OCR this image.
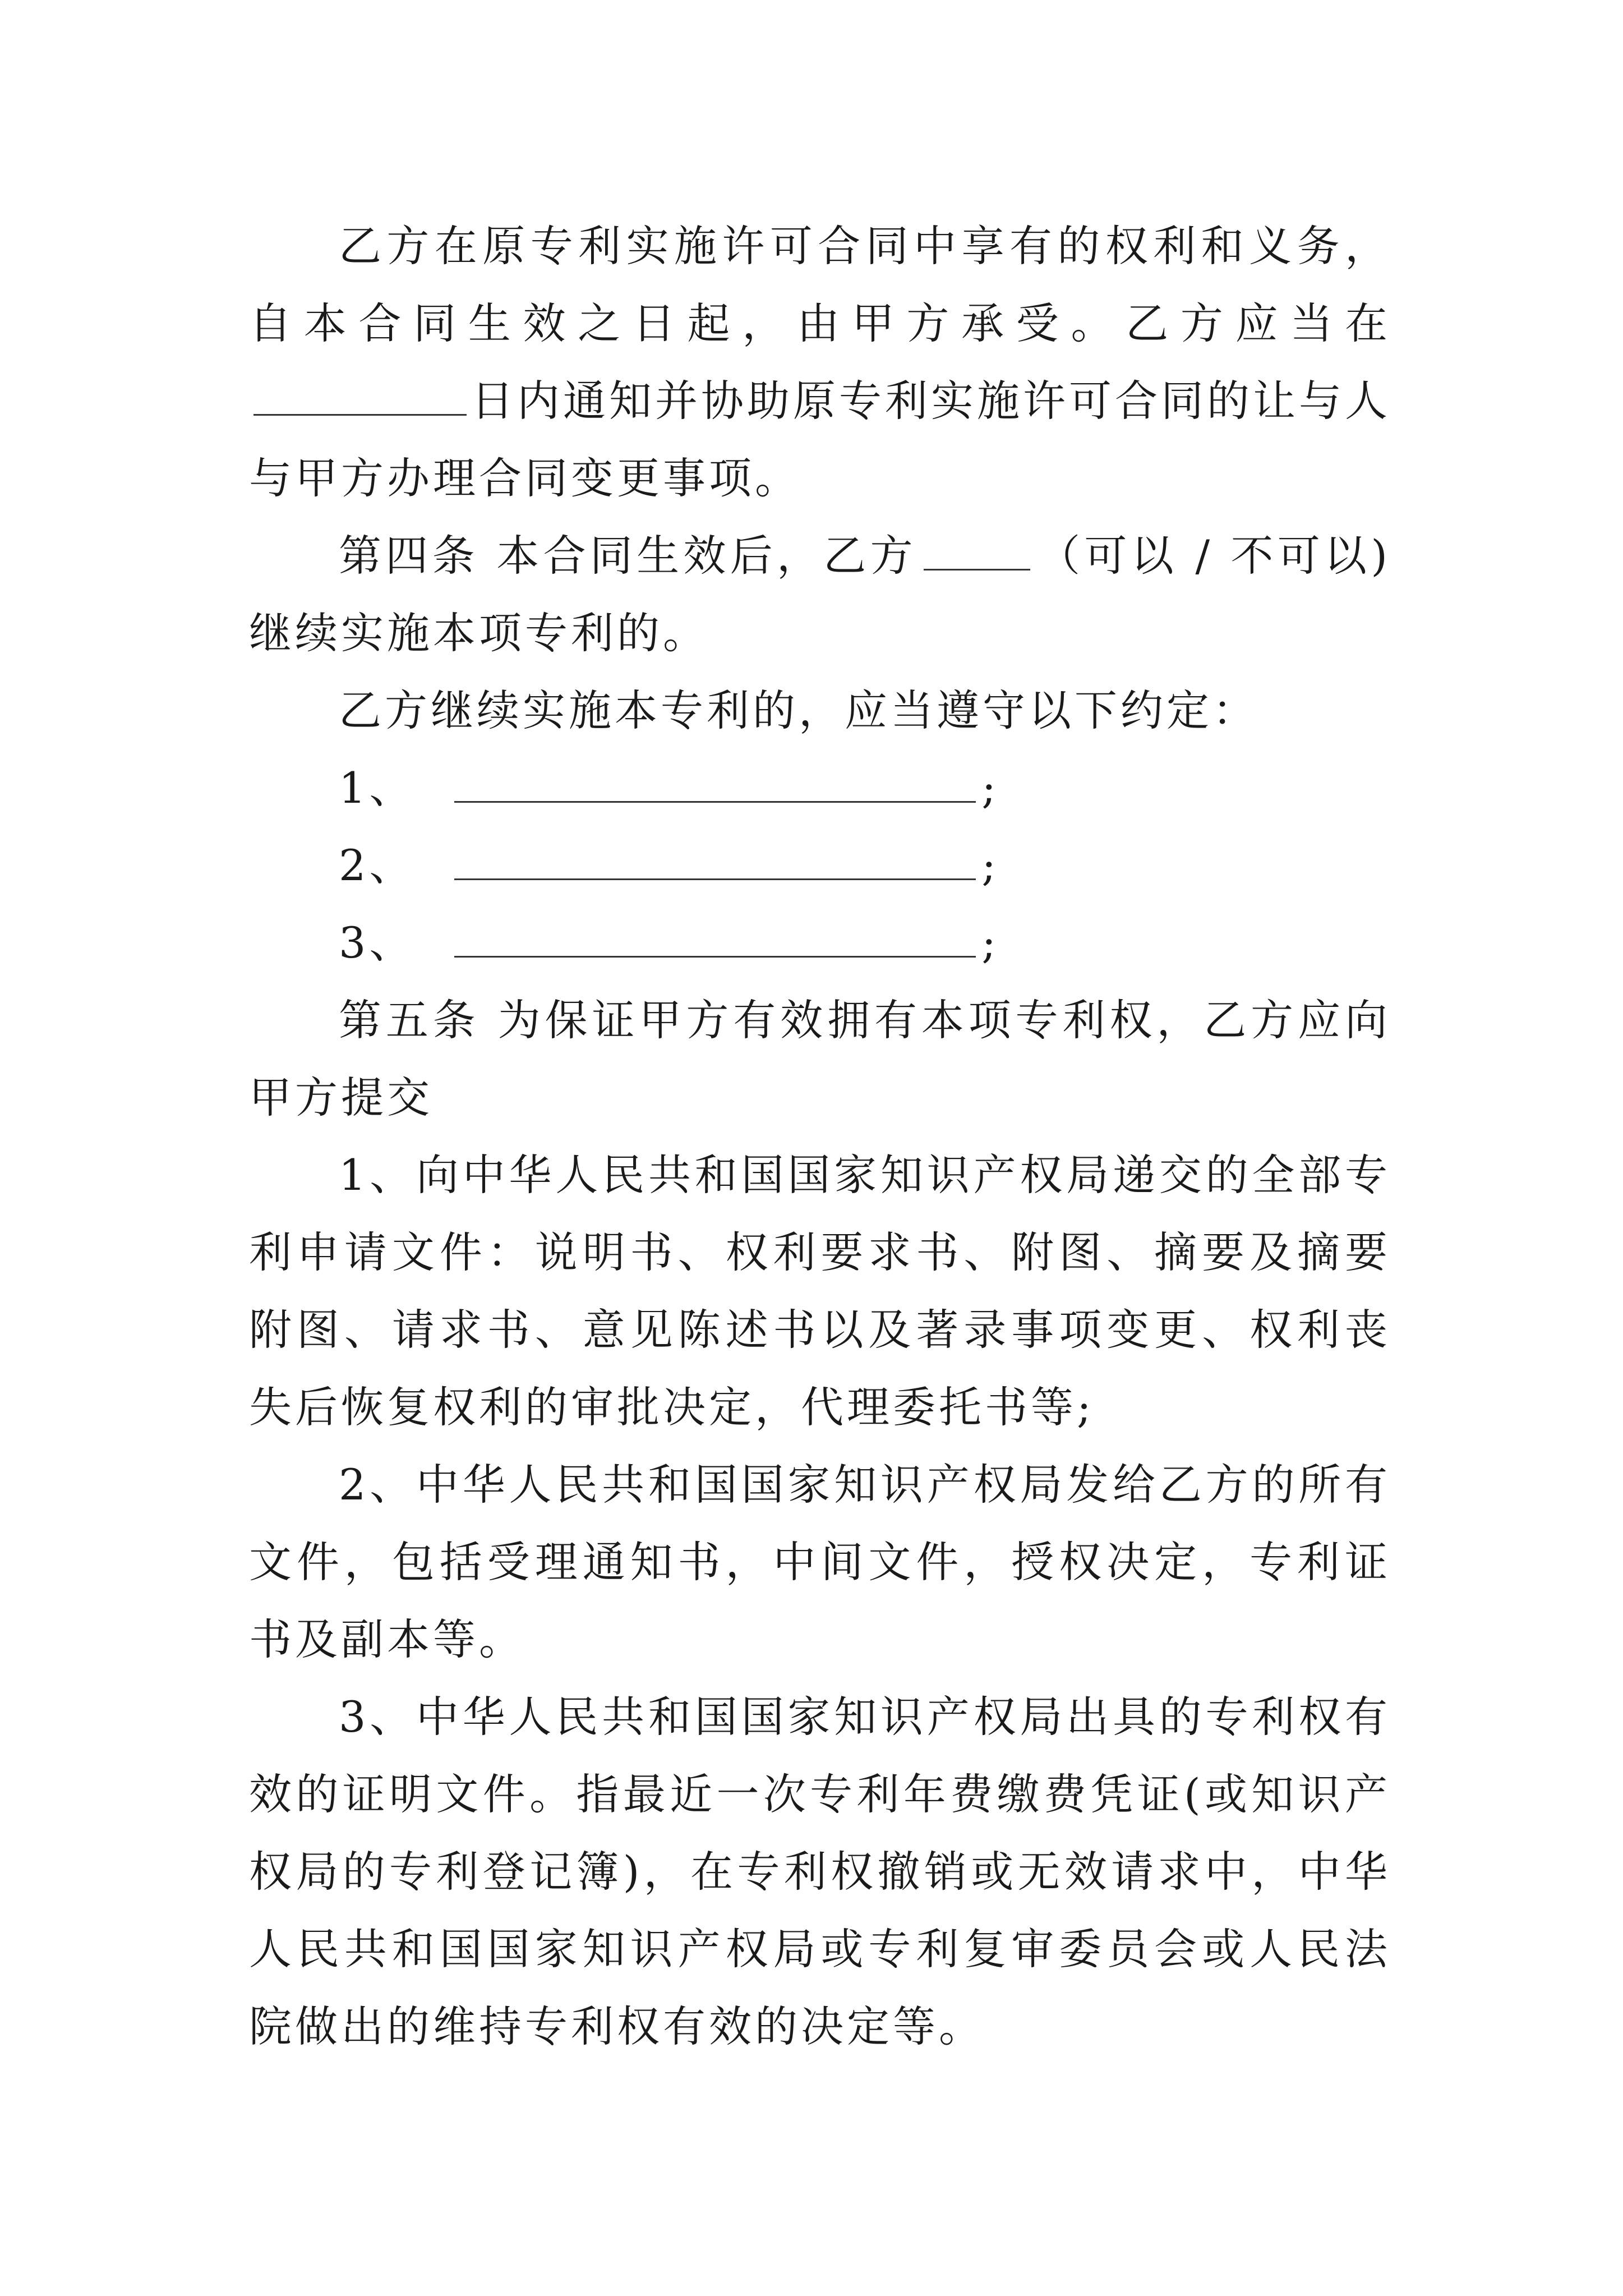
乙方在原专利实施许可合同中享有的权利和义务，自本合同生效之日起，由甲方承受。乙方应当在日内通知并协助原专利实施许可合同的让与人与甲方办理合同变更事项。

第四条 本合同生效后，乙方	（可以 / 不可以)继续实施本项专利的。

乙方继续实施本专利的，应当遵守以下约定：

1、	;

2、	;

3、	;

第五条 为保证甲方有效拥有本项专利权，乙方应向甲方提交

1、向中华人民共和国国家知识产权局递交的全部专利申请文件：说明书、权利要求书、附图、摘要及摘要附图、请求书、意见陈述书以及著录事项变更、权利丧失后恢复权利的审批决定，代理委托书等;

2、中华人民共和国国家知识产权局发给乙方的所有文件，包括受理通知书，中间文件，授权决定，专利证书及副本等。

3、中华人民共和国国家知识产权局出具的专利权有效的证明文件。指最近一次专利年费缴费凭证(或知识产权局的专利登记簿)，在专利权撤销或无效请求中，中华人民共和国国家知识产权局或专利复审委员会或人民法院做出的维持专利权有效的决定等。
